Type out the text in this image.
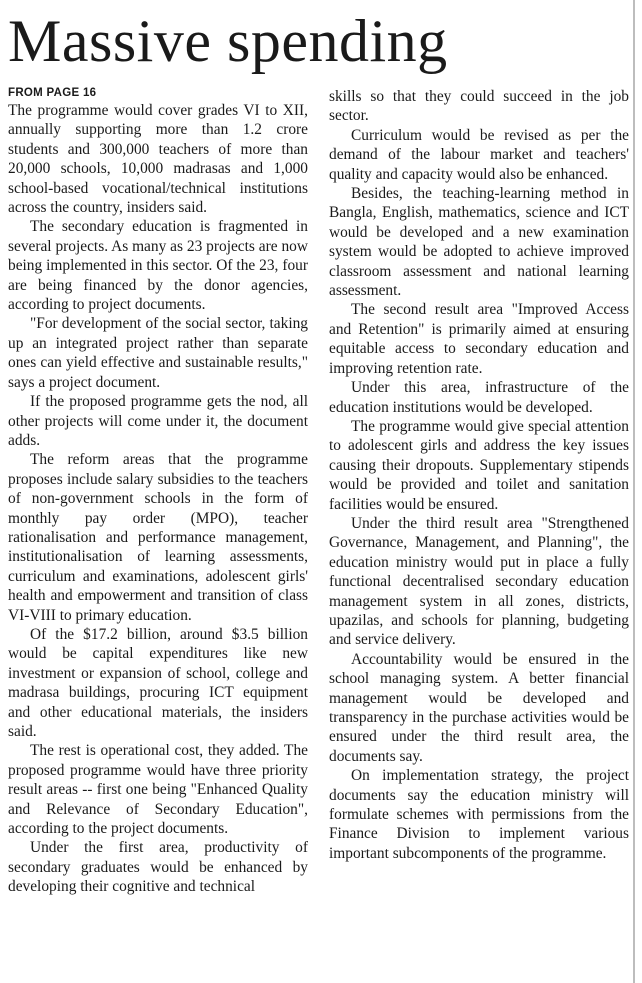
Massive spending
FROM PAGE 16

The programme would cover grades VI to XII, annually supporting more than 1.2 crore students and 300,000 teachers of more than 20,000 schools, 10,000 madrasas and 1,000 school-based vocational/technical institutions across the country, insiders said.

The secondary education is fragmented in several projects. As many as 23 projects are now being implemented in this sector. Of the 23, four are being financed by the donor agencies, according to project documents.

"For development of the social sector, taking up an integrated project rather than separate ones can yield effective and sustainable results," says a project document.

If the proposed programme gets the nod, all other projects will come under it, the document adds.

The reform areas that the programme proposes include salary subsidies to the teachers of non-government schools in the form of monthly pay order (MPO), teacher rationalisation and performance management, institutionalisation of learning assessments, curriculum and examinations, adolescent girls' health and empowerment and transition of class VI-VIII to primary education.

Of the $17.2 billion, around $3.5 billion would be capital expenditures like new investment or expansion of school, college and madrasa buildings, procuring ICT equipment and other educational materials, the insiders said.

The rest is operational cost, they added. The proposed programme would have three priority result areas -- first one being "Enhanced Quality and Relevance of Secondary Education", according to the project documents.

Under the first area, productivity of secondary graduates would be enhanced by developing their cognitive and technical

skills so that they could succeed in the job sector.

Curriculum would be revised as per the demand of the labour market and teachers' quality and capacity would also be enhanced.

Besides, the teaching-learning method in Bangla, English, mathematics, science and ICT would be developed and a new examination system would be adopted to achieve improved classroom assessment and national learning assessment.

The second result area "Improved Access and Retention" is primarily aimed at ensuring equitable access to secondary education and improving retention rate.

Under this area, infrastructure of the education institutions would be developed.

The programme would give special attention to adolescent girls and address the key issues causing their dropouts. Supplementary stipends would be provided and toilet and sanitation facilities would be ensured.

Under the third result area "Strengthened Governance, Management, and Planning", the education ministry would put in place a fully functional decentralised secondary education management system in all zones, districts, upazilas, and schools for planning, budgeting and service delivery.

Accountability would be ensured in the school managing system. A better financial management would be developed and transparency in the purchase activities would be ensured under the third result area, the documents say.

On implementation strategy, the project documents say the education ministry will formulate schemes with permissions from the Finance Division to implement various important subcomponents of the programme.
